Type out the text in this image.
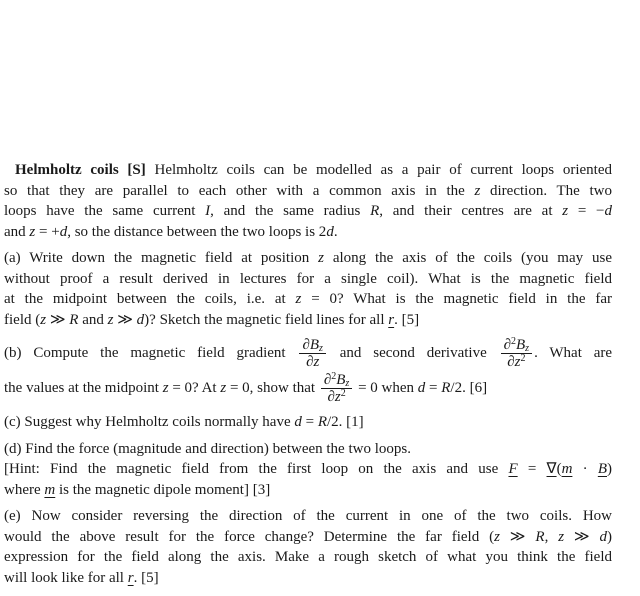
Helmholtz coils [S] Helmholtz coils can be modelled as a pair of current loops oriented
so that they are parallel to each other with a common axis in the z direction. The two
loops have the same current I, and the same radius R, and their centres are at z = −d
and z = +d, so the distance between the two loops is 2d.
(a) Write down the magnetic field at position z along the axis of the coils (you may use
without proof a result derived in lectures for a single coil). What is the magnetic field
at the midpoint between the coils, i.e. at z = 0? What is the magnetic field in the far
field (z ≫ R and z ≫ d)? Sketch the magnetic field lines for all r. [5]
(b) Compute the magnetic field gradient $\frac{\partial B_z}{\partial z}$ and second derivative $\frac{\partial^2B_z}{\partial z^2}$ . What are
the values at the midpoint z = 0? At z = 0, show that $\frac{\partial^2B_z}{\partial z^2} = 0$ when d = R/2. [6]
(c) Suggest why Helmholtz coils normally have d = R/2. [1]
(d) Find the force (magnitude and direction) between the two loops.
[Hint: Find the magnetic field from the first loop on the axis and use F = ∇(m · B)
where m is the magnetic dipole moment] [3]
(e) Now consider reversing the direction of the current in one of the two coils. How
would the above result for the force change? Determine the far field (z ≫ R, z ≫ d)
expression for the field along the axis. Make a rough sketch of what you think the field
will look like for all r. [5]
